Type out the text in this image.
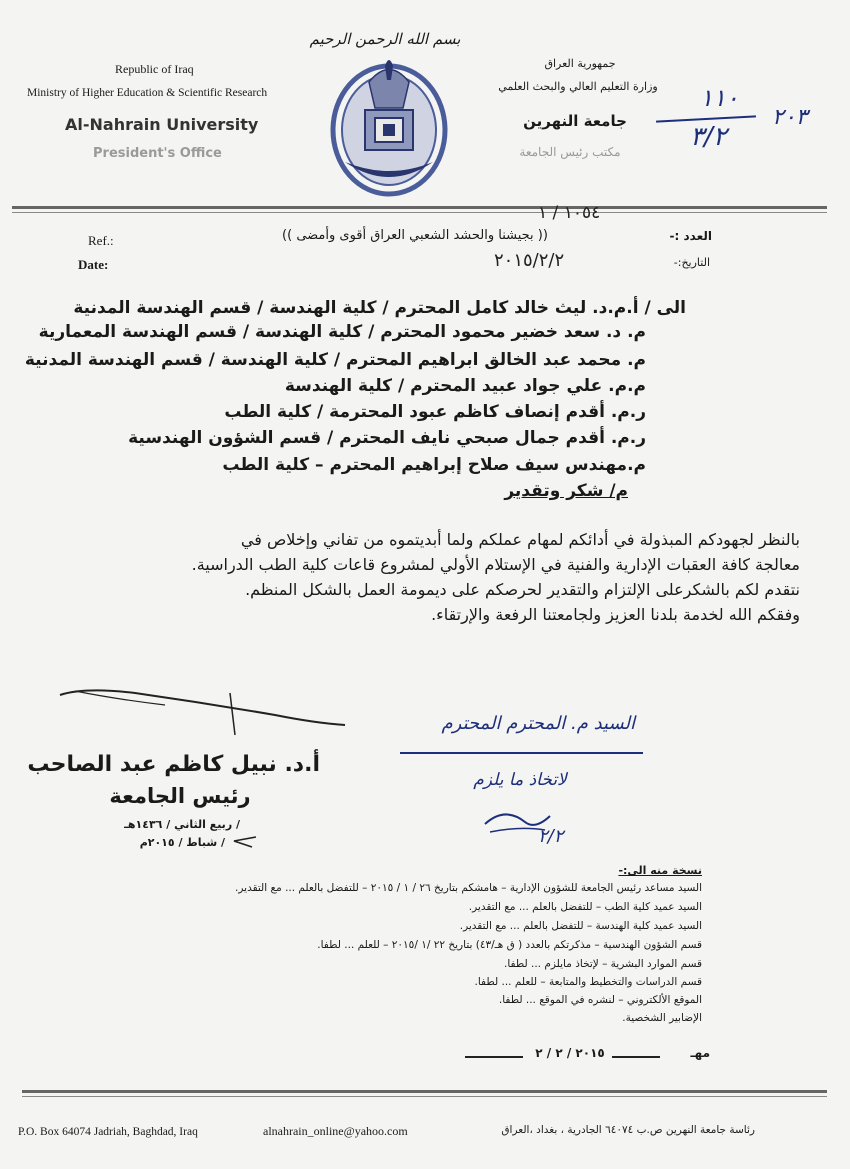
Republic of Iraq
Ministry of Higher Education & Scientific Research
Al-Nahrain University
President's Office
بسم الله الرحمن الرحيم
جمهورية العراق
وزارة التعليم العالي والبحث العلمي
جامعة النهرين
مكتب رئيس الجامعة
١١٠
٣/٢
٢٠٣
Ref.:
Date:
العدد :-
التاريخ:-
(( بجيشنا والحشد الشعبي العراق أقوى وأمضى ))
١٠٥٤ / ١
٢٠١٥/٢/٢
الى / أ.م.د. ليث خالد كامل المحترم / كلية الهندسة / قسم الهندسة المدنية
م. د. سعد خضير محمود المحترم / كلية الهندسة / قسم الهندسة المعمارية
م. محمد عبد الخالق ابراهيم المحترم / كلية الهندسة / قسم الهندسة المدنية
م.م. علي جواد عبيد المحترم / كلية الهندسة
ر.م. أقدم إنصاف كاظم عبود المحترمة / كلية الطب
ر.م. أقدم جمال صبحي نايف المحترم / قسم الشؤون الهندسية
م.مهندس سيف صلاح إبراهيم المحترم – كلية الطب
م/ شكر وتقدير
بالنظر لجهودكم المبذولة في أدائكم لمهام عملكم ولما أبديتموه من تفاني وإخلاص في
معالجة كافة العقبات الإدارية والفنية في الإستلام الأولي لمشروع قاعات كلية الطب الدراسية.
نتقدم لكم بالشكرعلى الإلتزام والتقدير لحرصكم على ديمومة العمل بالشكل المنظم.
وفقكم الله لخدمة بلدنا العزيز ولجامعتنا الرفعة والإرتقاء.
أ.د. نبيل كاظم عبد الصاحب
رئيس الجامعة
/ ربيع الثاني / ١٤٣٦هـ
/ شباط / ٢٠١٥م
السيد م. المحترم المحترم
لاتخاذ ما يلزم
٢/٢
نسخة منه الى:-
السيد مساعد رئيس الجامعة للشؤون الإدارية – هامشكم بتاريخ ٢٦ / ١ / ٢٠١٥ – للتفضل بالعلم ... مع التقدير.
السيد عميد كلية الطب – للتفضل بالعلم ... مع التقدير.
السيد عميد كلية الهندسة – للتفضل بالعلم ... مع التقدير.
قسم الشؤون الهندسية – مذكرتكم بالعدد ( ق هـ/٤٣) بتاريخ ٢٢ /١ /٢٠١٥ – للعلم ... لطفا.
قسم الموارد البشرية – لإتخاذ مايلزم ... لطفا.
قسم الدراسات والتخطيط والمتابعة – للعلم ... لطفا.
الموقع الألكتروني – لنشره في الموقع ... لطفا.
الإضابير الشخصية.
مهـ
٢٠١٥ / ٢ / ٢
P.O. Box 64074 Jadriah, Baghdad, Iraq	alnahrain_online@yahoo.com	رئاسة جامعة النهرين ص.ب ٦٤٠٧٤ الجادرية ، بغداد ،العراق
